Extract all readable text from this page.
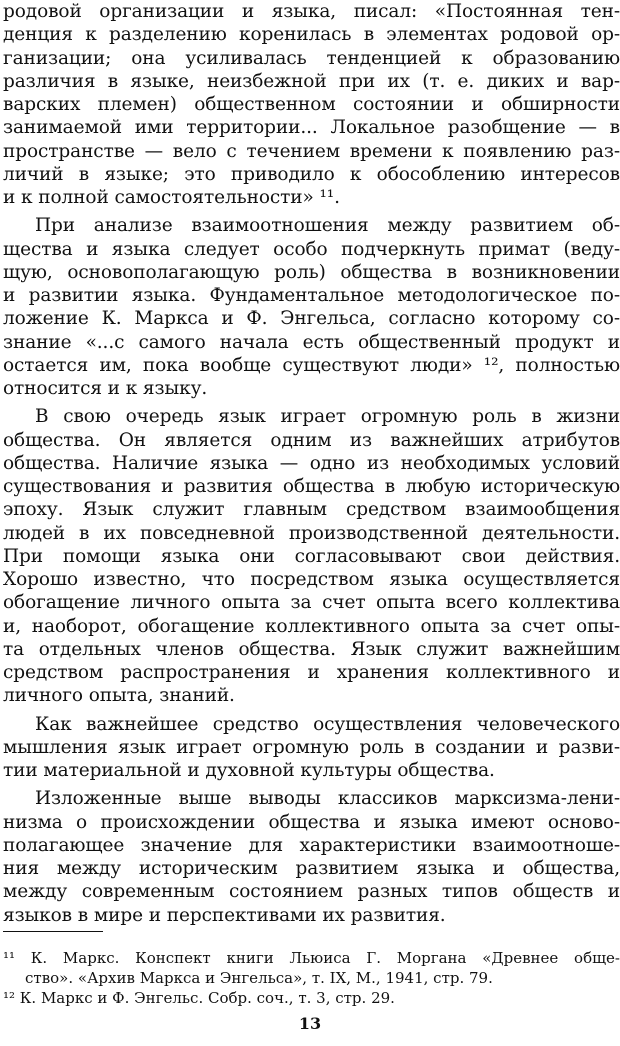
родовой организации и языка, писал: «Постоянная тен-
денция к разделению коренилась в элементах родовой ор-
ганизации; она усиливалась тенденцией к образованию
различия в языке, неизбежной при их (т. е. диких и вар-
варских племен) общественном состоянии и обширности
занимаемой ими территории... Локальное разобщение — в
пространстве — вело с течением времени к появлению раз-
личий в языке; это приводило к обособлению интересов
и к полной самостоятельности» ¹¹.
При анализе взаимоотношения между развитием об-
щества и языка следует особо подчеркнуть примат (веду-
щую, основополагающую роль) общества в возникновении
и развитии языка. Фундаментальное методологическое по-
ложение К. Маркса и Ф. Энгельса, согласно которому со-
знание «...с самого начала есть общественный продукт и
остается им, пока вообще существуют люди» ¹², полностью
относится и к языку.
В свою очередь язык играет огромную роль в жизни
общества. Он является одним из важнейших атрибутов
общества. Наличие языка — одно из необходимых условий
существования и развития общества в любую историческую
эпоху. Язык служит главным средством взаимообщения
людей в их повседневной производственной деятельности.
При помощи языка они согласовывают свои действия.
Хорошо известно, что посредством языка осуществляется
обогащение личного опыта за счет опыта всего коллектива
и, наоборот, обогащение коллективного опыта за счет опы-
та отдельных членов общества. Язык служит важнейшим
средством распространения и хранения коллективного и
личного опыта, знаний.
Как важнейшее средство осуществления человеческого
мышления язык играет огромную роль в создании и разви-
тии материальной и духовной культуры общества.
Изложенные выше выводы классиков марксизма-лени-
низма о происхождении общества и языка имеют осново-
полагающее значение для характеристики взаимоотноше-
ния между историческим развитием языка и общества,
между современным состоянием разных типов обществ и
языков в мире и перспективами их развития.
¹¹ К. Маркс. Конспект книги Льюиса Г. Моргана «Древнее обще-
ство». «Архив Маркса и Энгельса», т. IX, М., 1941, стр. 79.
¹² К. Маркс и Ф. Энгельс. Собр. соч., т. 3, стр. 29.
13
